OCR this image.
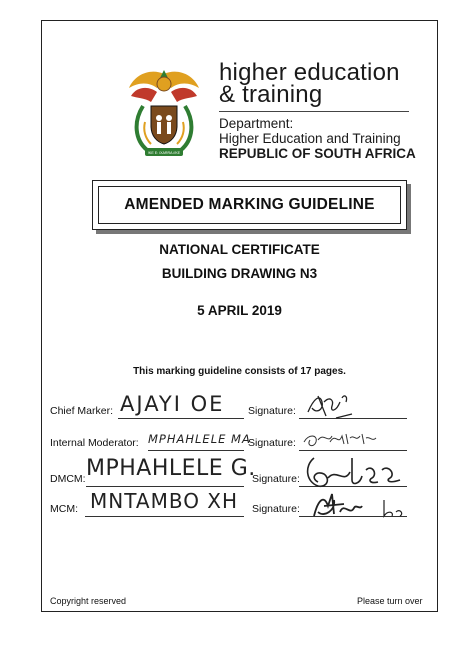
!KE E: /XARRA //KE
higher education
& training
Department:
Higher Education and Training
REPUBLIC OF SOUTH AFRICA
AMENDED MARKING GUIDELINE
NATIONAL CERTIFICATE
BUILDING DRAWING N3
5 APRIL 2019
This marking guideline consists of 17 pages.
Chief Marker: AJAYI OE Signature:
Internal Moderator: MPHAHLELE MA
Signature:
DMCM: MPHAHLELE G.
Signature:
MCM: MNTAMBO XH Signature:
Copyright reserved	Please turn over
